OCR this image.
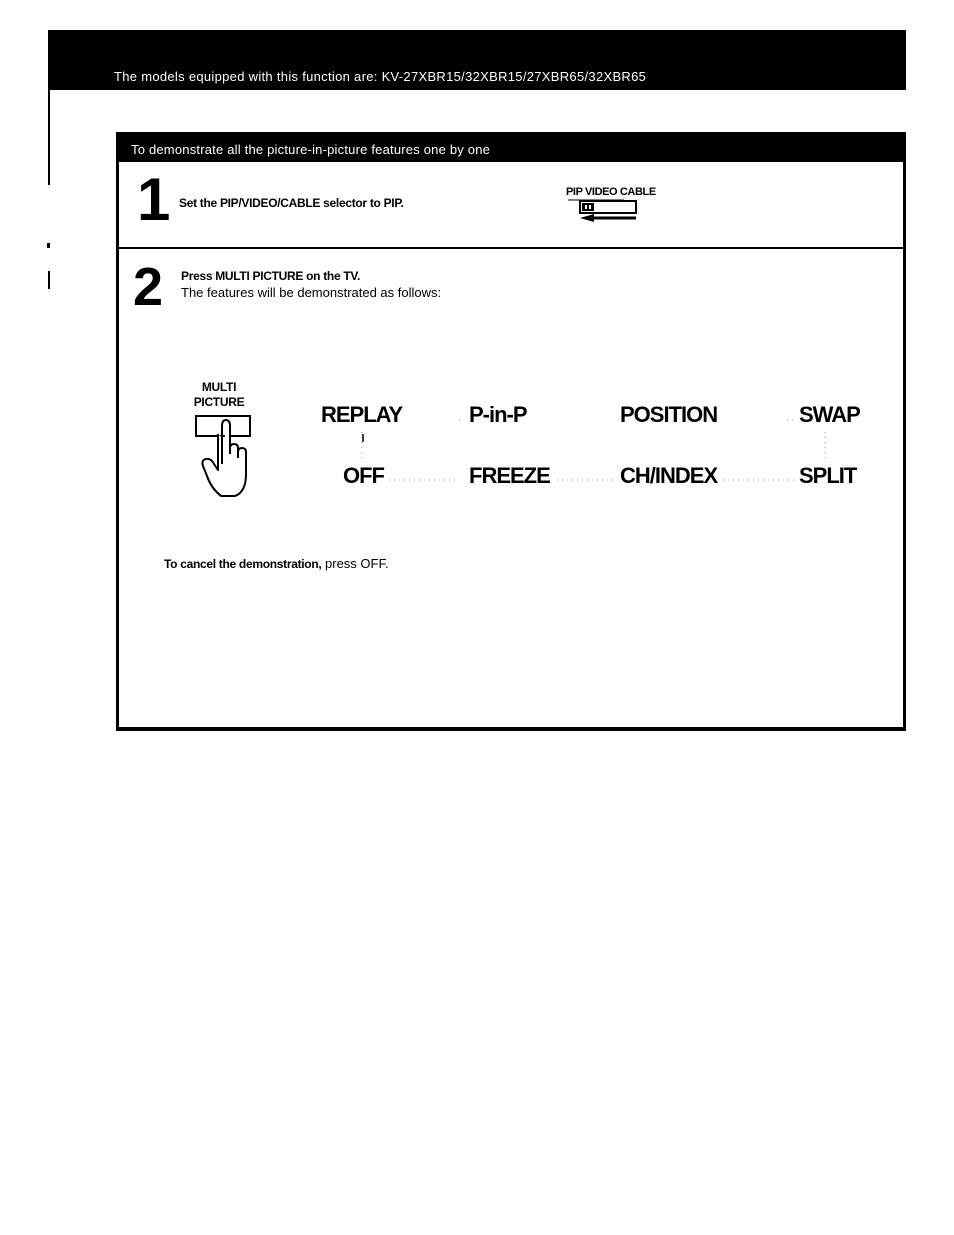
The models equipped with this function are: KV-27XBR15/32XBR15/27XBR65/32XBR65
To demonstrate all the picture-in-picture features one by one
1 Set the PIP/VIDEO/CABLE selector to PIP.
PIP VIDEO CABLE
2 Press MULTI PICTURE on the TV.
The features will be demonstrated as follows:
MULTI
PICTURE	REPLAY	P-in-P	POSITION	SWAP
OFF	FREEZE	CH/INDEX	SPLIT
To cancel the demonstration, press OFF.
